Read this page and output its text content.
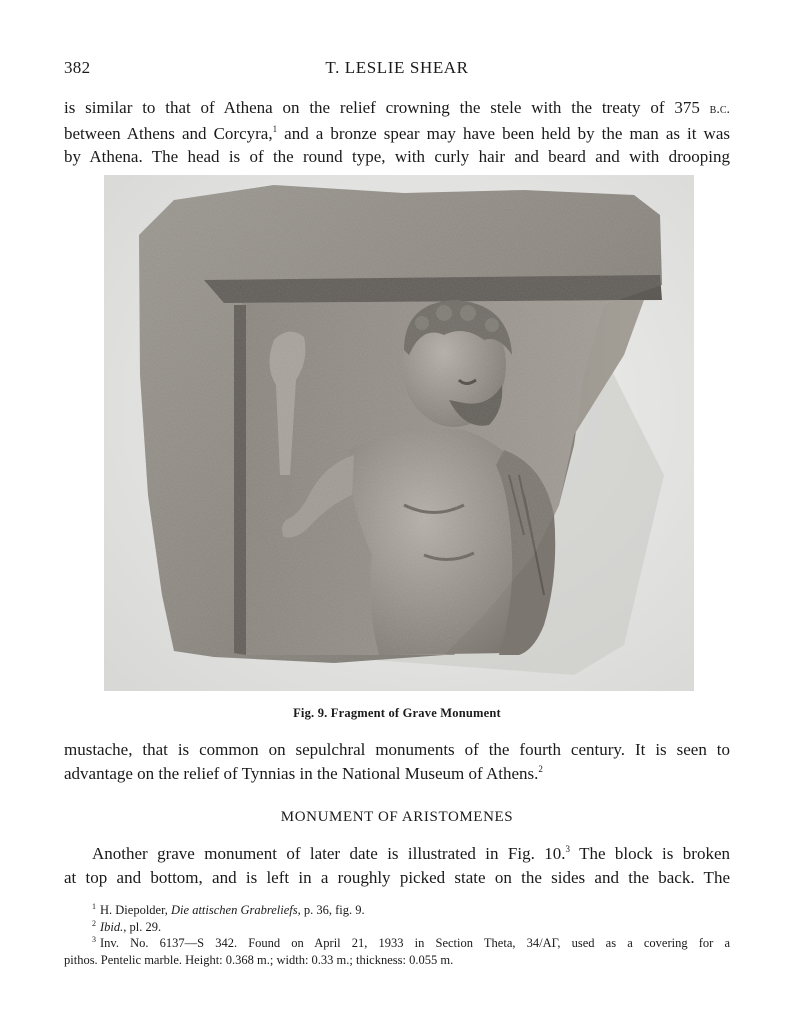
382	T. LESLIE SHEAR
is similar to that of Athena on the relief crowning the stele with the treaty of 375 b.c.
between Athens and Corcyra,$^1$ and a bronze spear may have been held by the man as it was
by Athena. The head is of the round type, with curly hair and beard and with drooping
Fig. 9. Fragment of Grave Monument
mustache, that is common on sepulchral monuments of the fourth century. It is seen to
advantage on the relief of Tynnias in the National Museum of Athens.$^2$
MONUMENT OF ARISTOMENES
Another grave monument of later date is illustrated in Fig. 10.$^3$ The block is broken
at top and bottom, and is left in a roughly picked state on the sides and the back. The
$^1$ H. Diepolder, Die attischen Grabreliefs, p. 36, fig. 9.
$^2$ Ibid., pl. 29.
$^3$ Inv. No. 6137—S 342. Found on April 21, 1933 in Section Theta, 34/ΑΓ, used as a covering for a
pithos. Pentelic marble. Height: 0.368 m.; width: 0.33 m.; thickness: 0.055 m.
